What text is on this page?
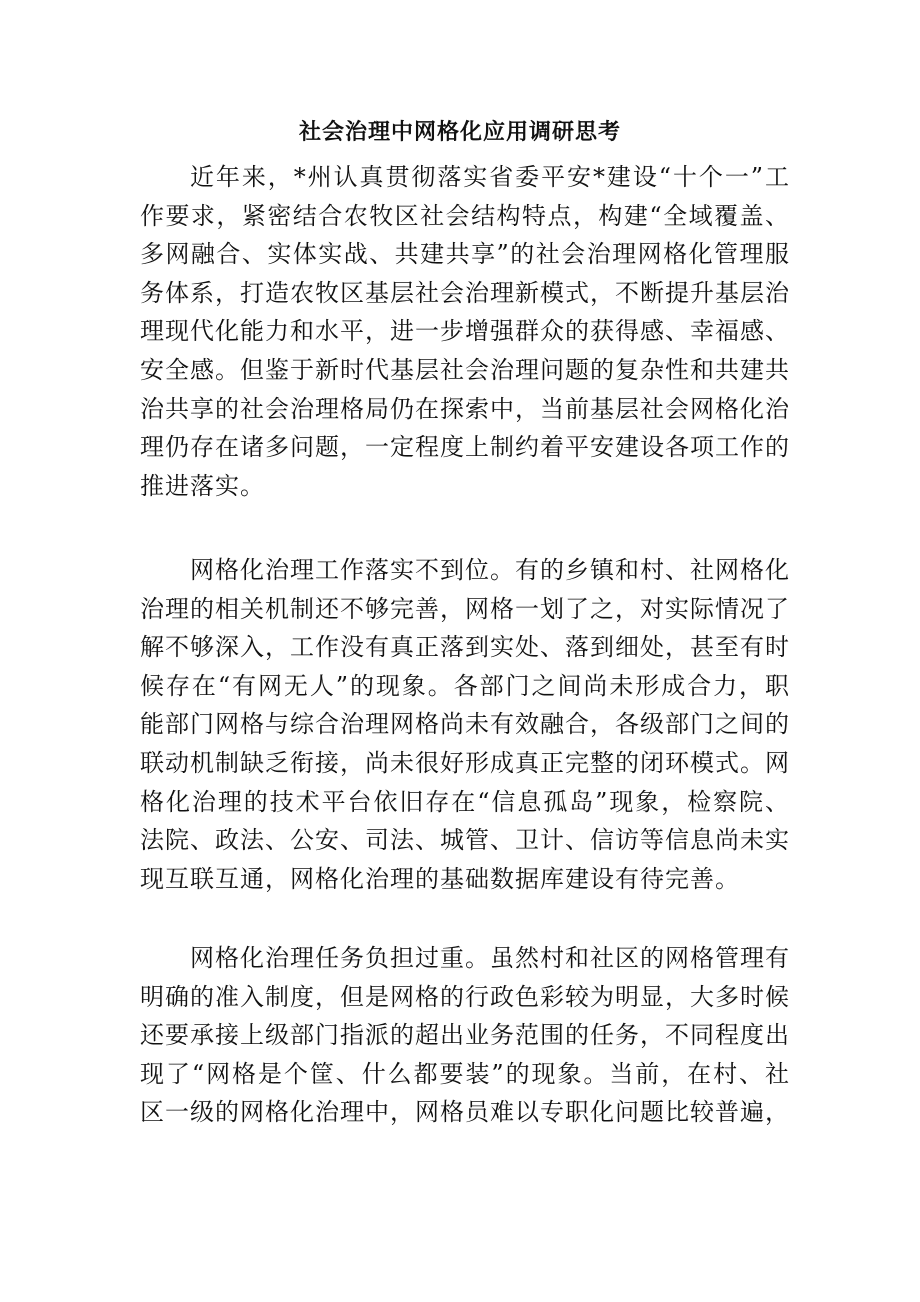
社会治理中网格化应用调研思考

近年来，*州认真贯彻落实省委平安*建设“十个一”工作要求，紧密结合农牧区社会结构特点，构建“全域覆盖、多网融合、实体实战、共建共享”的社会治理网格化管理服务体系，打造农牧区基层社会治理新模式，不断提升基层治理现代化能力和水平，进一步增强群众的获得感、幸福感、安全感。但鉴于新时代基层社会治理问题的复杂性和共建共治共享的社会治理格局仍在探索中，当前基层社会网格化治理仍存在诸多问题，一定程度上制约着平安建设各项工作的推进落实。

网格化治理工作落实不到位。有的乡镇和村、社网格化治理的相关机制还不够完善，网格一划了之，对实际情况了解不够深入，工作没有真正落到实处、落到细处，甚至有时候存在“有网无人”的现象。各部门之间尚未形成合力，职能部门网格与综合治理网格尚未有效融合，各级部门之间的联动机制缺乏衔接，尚未很好形成真正完整的闭环模式。网格化治理的技术平台依旧存在“信息孤岛”现象，检察院、法院、政法、公安、司法、城管、卫计、信访等信息尚未实现互联互通，网格化治理的基础数据库建设有待完善。

网格化治理任务负担过重。虽然村和社区的网格管理有明确的准入制度，但是网格的行政色彩较为明显，大多时候还要承接上级部门指派的超出业务范围的任务，不同程度出现了“网格是个筐、什么都要装”的现象。当前，在村、社区一级的网格化治理中，网格员难以专职化问题比较普遍，
